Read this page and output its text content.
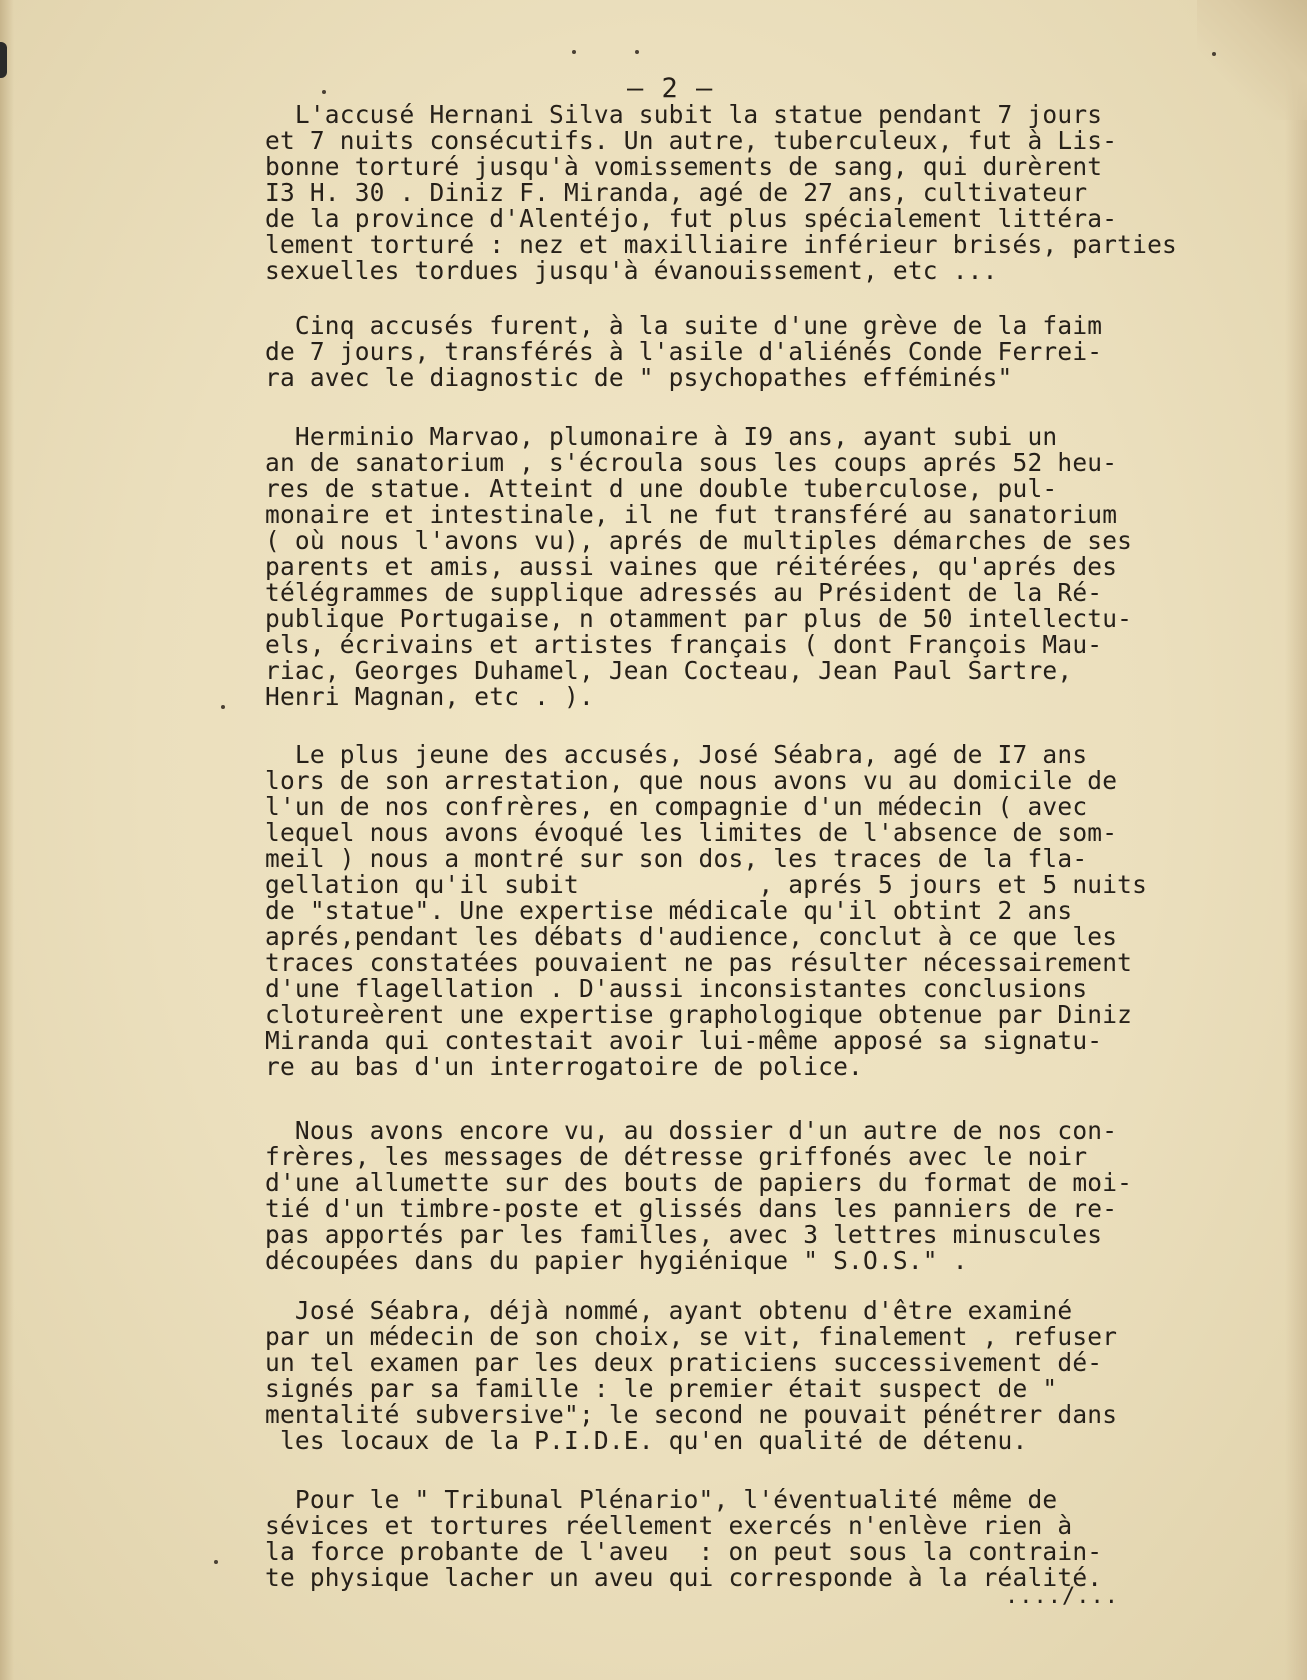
— 2 —
L'accusé Hernani Silva subit la statue pendant 7 jours
et 7 nuits consécutifs. Un autre, tuberculeux, fut à Lis-
bonne torturé jusqu'à vomissements de sang, qui durèrent
I3 H. 30 . Diniz F. Miranda, agé de 27 ans, cultivateur
de la province d'Alentéjo, fut plus spécialement littéra-
lement torturé : nez et maxilliaire inférieur brisés, parties
sexuelles tordues jusqu'à évanouissement, etc ...
Cinq accusés furent, à la suite d'une grève de la faim
de 7 jours, transférés à l'asile d'aliénés Conde Ferrei-
ra avec le diagnostic de " psychopathes efféminés"
Herminio Marvao, plumonaire à I9 ans, ayant subi un
an de sanatorium , s'écroula sous les coups aprés 52 heu-
res de statue. Atteint d une double tuberculose, pul-
monaire et intestinale, il ne fut transféré au sanatorium
( où nous l'avons vu), aprés de multiples démarches de ses
parents et amis, aussi vaines que réitérées, qu'aprés des
télégrammes de supplique adressés au Président de la Ré-
publique Portugaise, n otamment par plus de 50 intellectu-
els, écrivains et artistes français ( dont François Mau-
riac, Georges Duhamel, Jean Cocteau, Jean Paul Sartre,
Henri Magnan, etc . ).
Le plus jeune des accusés, José Séabra, agé de I7 ans
lors de son arrestation, que nous avons vu au domicile de
l'un de nos confrères, en compagnie d'un médecin ( avec
lequel nous avons évoqué les limites de l'absence de som-
meil ) nous a montré sur son dos, les traces de la fla-
gellation qu'il subit            , aprés 5 jours et 5 nuits
de "statue". Une expertise médicale qu'il obtint 2 ans
aprés,pendant les débats d'audience, conclut à ce que les
traces constatées pouvaient ne pas résulter nécessairement
d'une flagellation . D'aussi inconsistantes conclusions
clotureèrent une expertise graphologique obtenue par Diniz
Miranda qui contestait avoir lui-même apposé sa signatu-
re au bas d'un interrogatoire de police.
Nous avons encore vu, au dossier d'un autre de nos con-
frères, les messages de détresse griffonés avec le noir
d'une allumette sur des bouts de papiers du format de moi-
tié d'un timbre-poste et glissés dans les panniers de re-
pas apportés par les familles, avec 3 lettres minuscules
découpées dans du papier hygiénique " S.O.S." .
José Séabra, déjà nommé, ayant obtenu d'être examiné
par un médecin de son choix, se vit, finalement , refuser
un tel examen par les deux praticiens successivement dé-
signés par sa famille : le premier était suspect de "
mentalité subversive"; le second ne pouvait pénétrer dans
les locaux de la P.I.D.E. qu'en qualité de détenu.
Pour le " Tribunal Plénario", l'éventualité même de
sévices et tortures réellement exercés n'enlève rien à
la force probante de l'aveu  : on peut sous la contrain-
te physique lacher un aveu qui corresponde à la réalité.
..../...
